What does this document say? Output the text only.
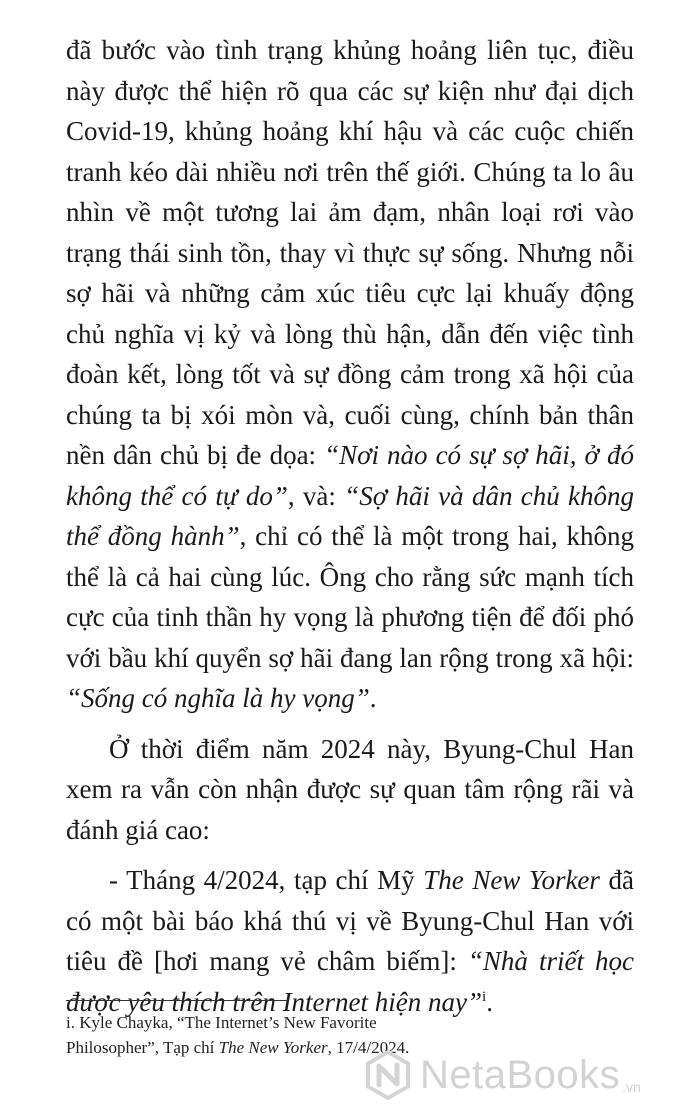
đã bước vào tình trạng khủng hoảng liên tục, điều này được thể hiện rõ qua các sự kiện như đại dịch Covid-19, khủng hoảng khí hậu và các cuộc chiến tranh kéo dài nhiều nơi trên thế giới. Chúng ta lo âu nhìn về một tương lai ảm đạm, nhân loại rơi vào trạng thái sinh tồn, thay vì thực sự sống. Nhưng nỗi sợ hãi và những cảm xúc tiêu cực lại khuấy động chủ nghĩa vị kỷ và lòng thù hận, dẫn đến việc tình đoàn kết, lòng tốt và sự đồng cảm trong xã hội của chúng ta bị xói mòn và, cuối cùng, chính bản thân nền dân chủ bị đe dọa: “Nơi nào có sự sợ hãi, ở đó không thể có tự do”, và: “Sợ hãi và dân chủ không thể đồng hành”, chỉ có thể là một trong hai, không thể là cả hai cùng lúc. Ông cho rằng sức mạnh tích cực của tinh thần hy vọng là phương tiện để đối phó với bầu khí quyển sợ hãi đang lan rộng trong xã hội: “Sống có nghĩa là hy vọng”.

Ở thời điểm năm 2024 này, Byung-Chul Han xem ra vẫn còn nhận được sự quan tâm rộng rãi và đánh giá cao:

- Tháng 4/2024, tạp chí Mỹ The New Yorker đã có một bài báo khá thú vị về Byung-Chul Han với tiêu đề [hơi mang vẻ châm biếm]: “Nhà triết học được yêu thích trên Internet hiện nay”$^i$.

i. Kyle Chayka, “The Internet’s New Favorite Philosopher”, Tạp chí The New Yorker, 17/4/2024.

NetaBooks .vn
